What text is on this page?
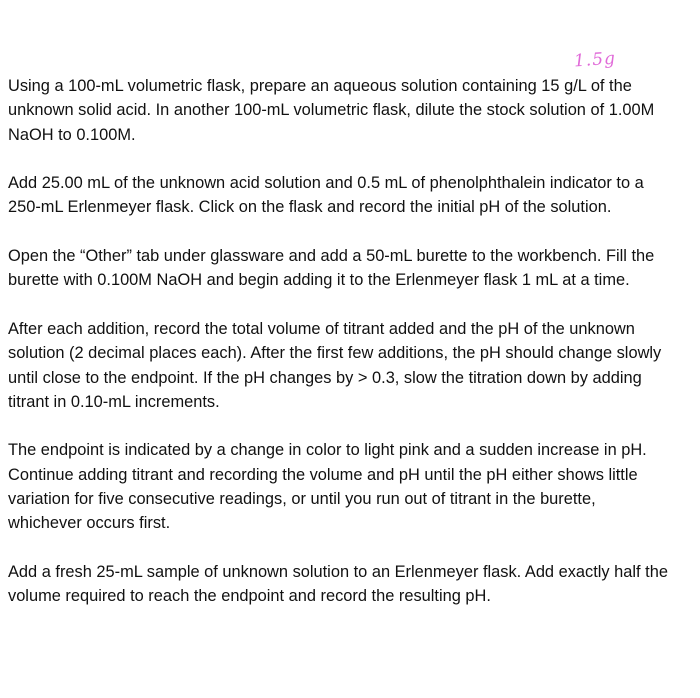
1.5g

Using a 100-mL volumetric flask, prepare an aqueous solution containing 15 g/L of the unknown solid acid. In another 100-mL volumetric flask, dilute the stock solution of 1.00M NaOH to 0.100M.

Add 25.00 mL of the unknown acid solution and 0.5 mL of phenolphthalein indicator to a 250-mL Erlenmeyer flask. Click on the flask and record the initial pH of the solution.

Open the “Other” tab under glassware and add a 50-mL burette to the workbench. Fill the burette with 0.100M NaOH and begin adding it to the Erlenmeyer flask 1 mL at a time.

After each addition, record the total volume of titrant added and the pH of the unknown solution (2 decimal places each). After the first few additions, the pH should change slowly until close to the endpoint. If the pH changes by > 0.3, slow the titration down by adding titrant in 0.10-mL increments.

The endpoint is indicated by a change in color to light pink and a sudden increase in pH. Continue adding titrant and recording the volume and pH until the pH either shows little variation for five consecutive readings, or until you run out of titrant in the burette, whichever occurs first.

Add a fresh 25-mL sample of unknown solution to an Erlenmeyer flask. Add exactly half the volume required to reach the endpoint and record the resulting pH.
